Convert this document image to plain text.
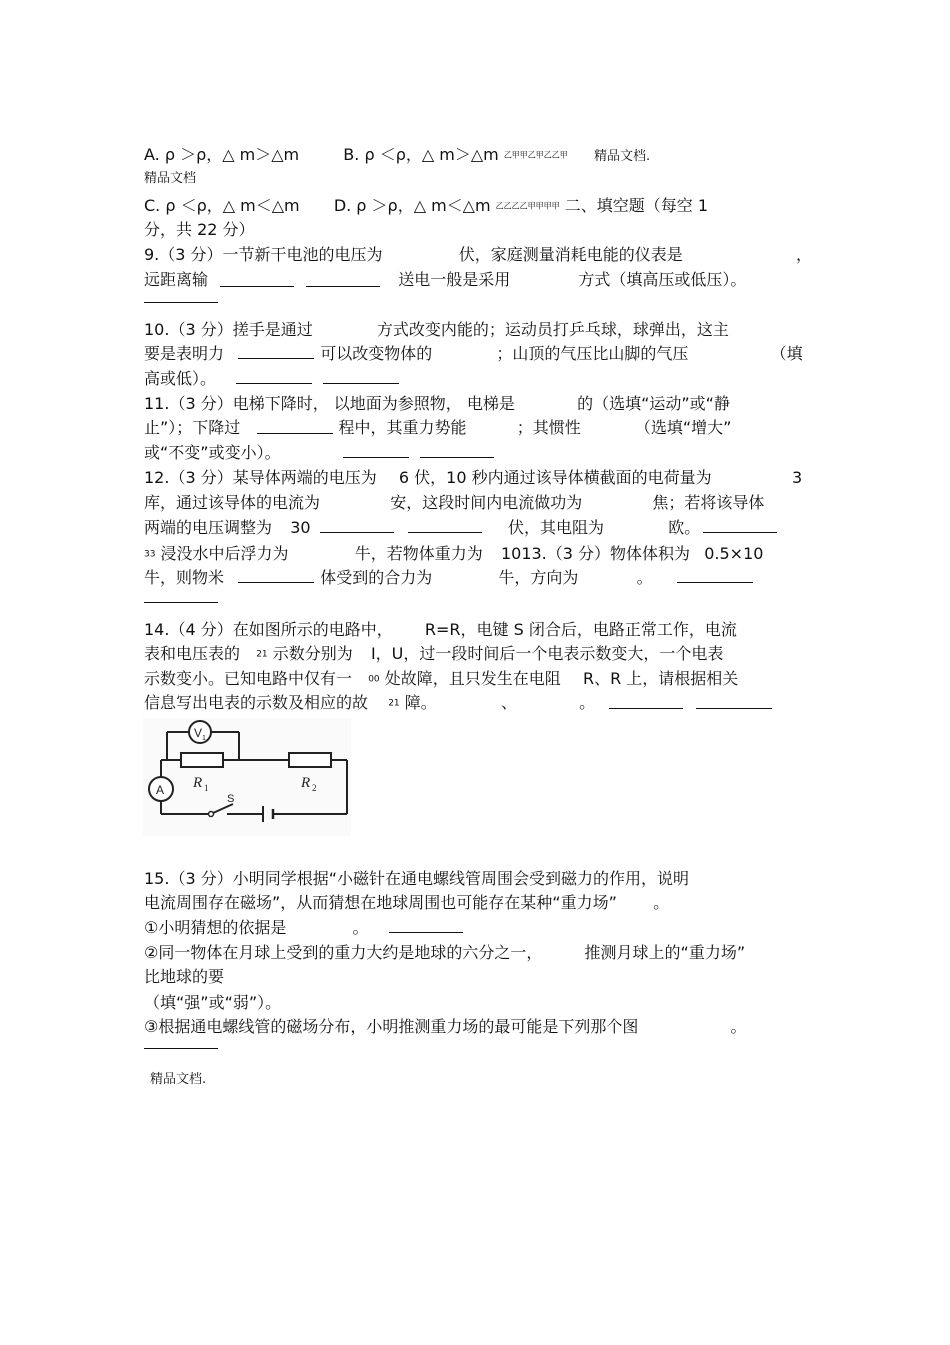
A. ρ ＞ρ，△ m＞△m	B. ρ ＜ρ，△ m＞△m 乙甲甲乙甲乙乙甲 精品文档.
精品文档
C. ρ ＜ρ，△ m＜△m D. ρ ＞ρ，△ m＜△m 乙乙乙乙甲甲甲甲 二、填空题（每空 1
分，共 22 分）
9.（3 分）一节新干电池的电压为	伏，家庭测量消耗电能的仪表是	，
远距离输	送电一般是采用	方式（填高压或低压）。
10.（3 分）搓手是通过	方式改变内能的；运动员打乒乓球，球弹出，这主
要是表明力	可以改变物体的	；山顶的气压比山脚的气压	（填
高或低）。
11.（3 分）电梯下降时， 以地面为参照物， 电梯是	的（选填“运动”或“静
止”）；下降过	程中，其重力势能	；其惯性	（选填“增大”
或“不变”或变小）。
12.（3 分）某导体两端的电压为 6 伏，10 秒内通过该导体横截面的电荷量为	3
库，通过该导体的电流为	安，这段时间内电流做功为	焦；若将该导体
两端的电压调整为 30	伏，其电阻为	欧。
33 浸没水中后浮力为	牛，若物体重力为 1013.（3 分）物体体积为 0.5×10
牛，则物米	体受到的合力为	牛，方向为	。
14.（4 分）在如图所示的电路中， R=R，电键 S 闭合后，电路正常工作，电流
表和电压表的 21 示数分别为 I，U，过一段时间后一个电表示数变大，一个电表
示数变小。已知电路中仅有一 00 处故障，且只发生在电阻 R、R 上，请根据相关
信息写出电表的示数及相应的故 21 障。	、	。
R 1	R 2
V 1
A
S
15.（3 分）小明同学根据“小磁针在通电螺线管周围会受到磁力的作用，说明
电流周围存在磁场”，从而猜想在地球周围也可能存在某种“重力场” 。
①小明猜想的依据是	。
②同一物体在月球上受到的重力大约是地球的六分之一，	推测月球上的“重力场”
比地球的要
（填“强”或“弱”）。
③根据通电螺线管的磁场分布，小明推测重力场的最可能是下列那个图	。
精品文档.
